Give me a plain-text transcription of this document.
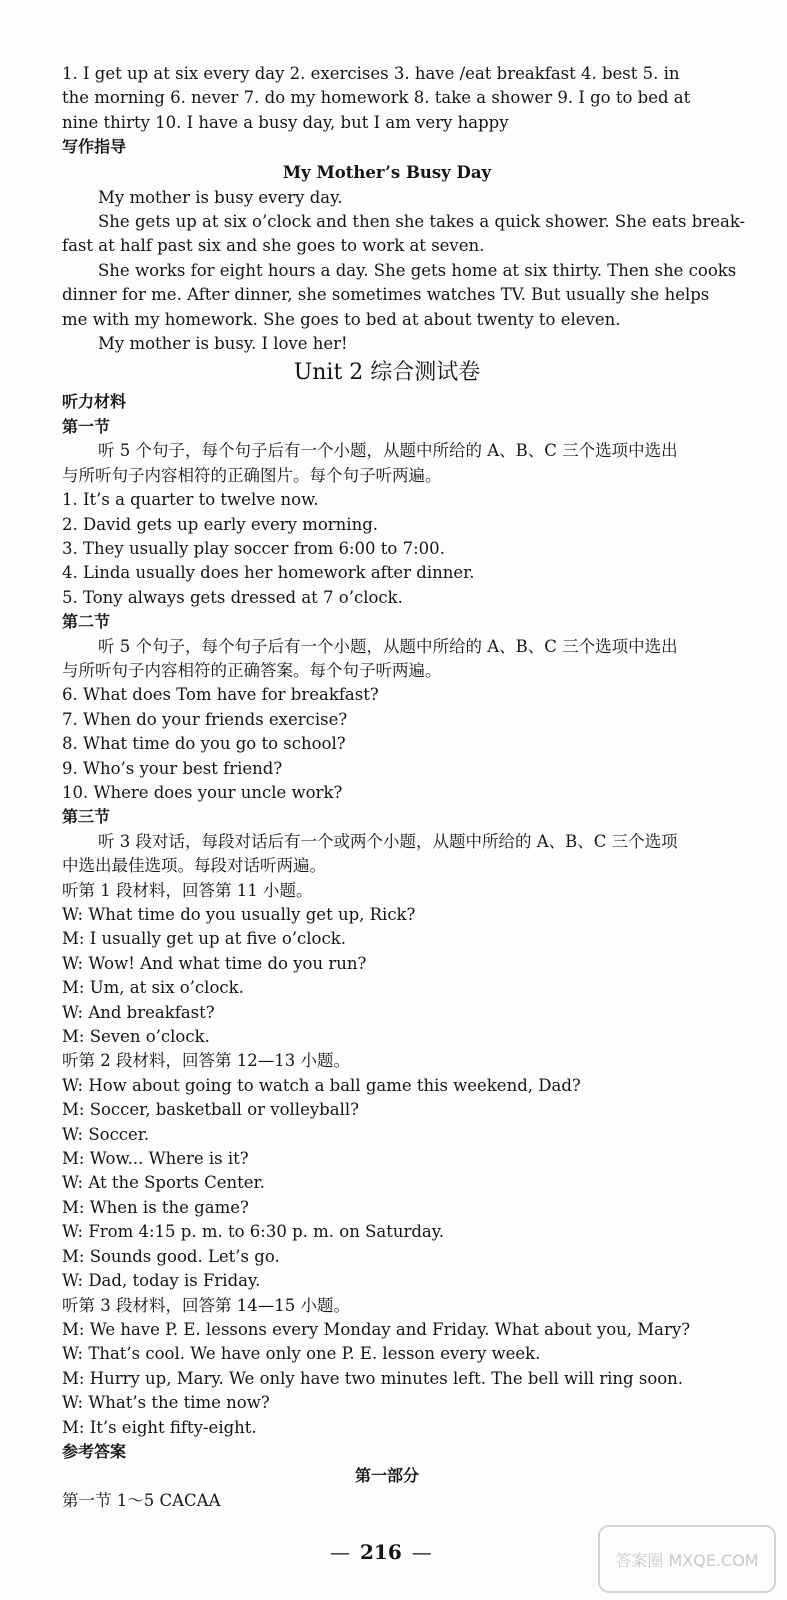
1. I get up at six every day 2. exercises 3. have /eat breakfast 4. best 5. in
the morning 6. never 7. do my homework 8. take a shower 9. I go to bed at
nine thirty 10. I have a busy day, but I am very happy
写作指导
My Mother’s Busy Day
My mother is busy every day.
She gets up at six o’clock and then she takes a quick shower. She eats break-
fast at half past six and she goes to work at seven.
She works for eight hours a day. She gets home at six thirty. Then she cooks
dinner for me. After dinner, she sometimes watches TV. But usually she helps
me with my homework. She goes to bed at about twenty to eleven.
My mother is busy. I love her!
Unit 2 综合测试卷
听力材料
第一节
听 5 个句子，每个句子后有一个小题，从题中所给的 A、B、C 三个选项中选出
与所听句子内容相符的正确图片。每个句子听两遍。
1. It’s a quarter to twelve now.
2. David gets up early every morning.
3. They usually play soccer from 6:00 to 7:00.
4. Linda usually does her homework after dinner.
5. Tony always gets dressed at 7 o’clock.
第二节
听 5 个句子，每个句子后有一个小题，从题中所给的 A、B、C 三个选项中选出
与所听句子内容相符的正确答案。每个句子听两遍。
6. What does Tom have for breakfast?
7. When do your friends exercise?
8. What time do you go to school?
9. Who’s your best friend?
10. Where does your uncle work?
第三节
听 3 段对话，每段对话后有一个或两个小题，从题中所给的 A、B、C 三个选项
中选出最佳选项。每段对话听两遍。
听第 1 段材料，回答第 11 小题。
W: What time do you usually get up, Rick?
M: I usually get up at five o’clock.
W: Wow! And what time do you run?
M: Um, at six o’clock.
W: And breakfast?
M: Seven o’clock.
听第 2 段材料，回答第 12—13 小题。
W: How about going to watch a ball game this weekend, Dad?
M: Soccer, basketball or volleyball?
W: Soccer.
M: Wow... Where is it?
W: At the Sports Center.
M: When is the game?
W: From 4:15 p. m. to 6:30 p. m. on Saturday.
M: Sounds good. Let’s go.
W: Dad, today is Friday.
听第 3 段材料，回答第 14—15 小题。
M: We have P. E. lessons every Monday and Friday. What about you, Mary?
W: That’s cool. We have only one P. E. lesson every week.
M: Hurry up, Mary. We only have two minutes left. The bell will ring soon.
W: What’s the time now?
M: It’s eight fifty-eight.
参考答案
第一部分
第一节 1～5 CACAA
— 216 —	答案圈 MXQE.COM
